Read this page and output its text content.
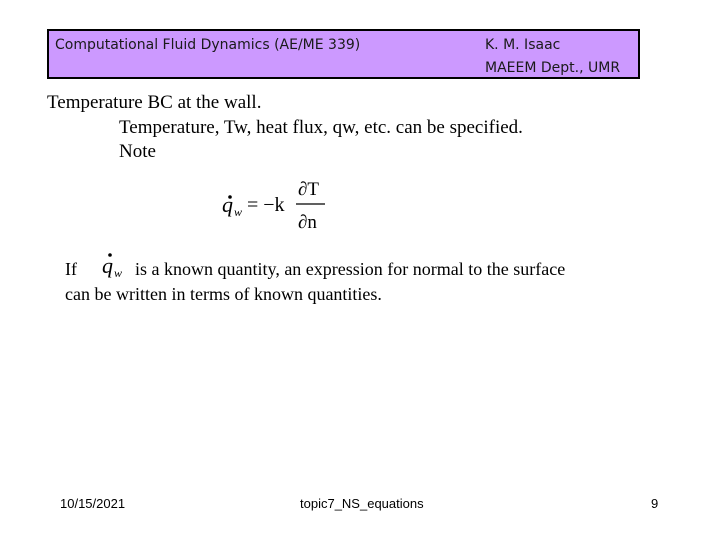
Computational Fluid Dynamics (AE/ME 339)	K. M. Isaac
MAEEM Dept., UMR
Temperature BC at the wall.
Temperature, Tw, heat flux, qw, etc. can be specified.
Note
q w = −k
∂T
∂n
If q w is a known quantity, an expression for normal to the surface
can be written in terms of known quantities.
10/15/2021	topic7_NS_equations	9
